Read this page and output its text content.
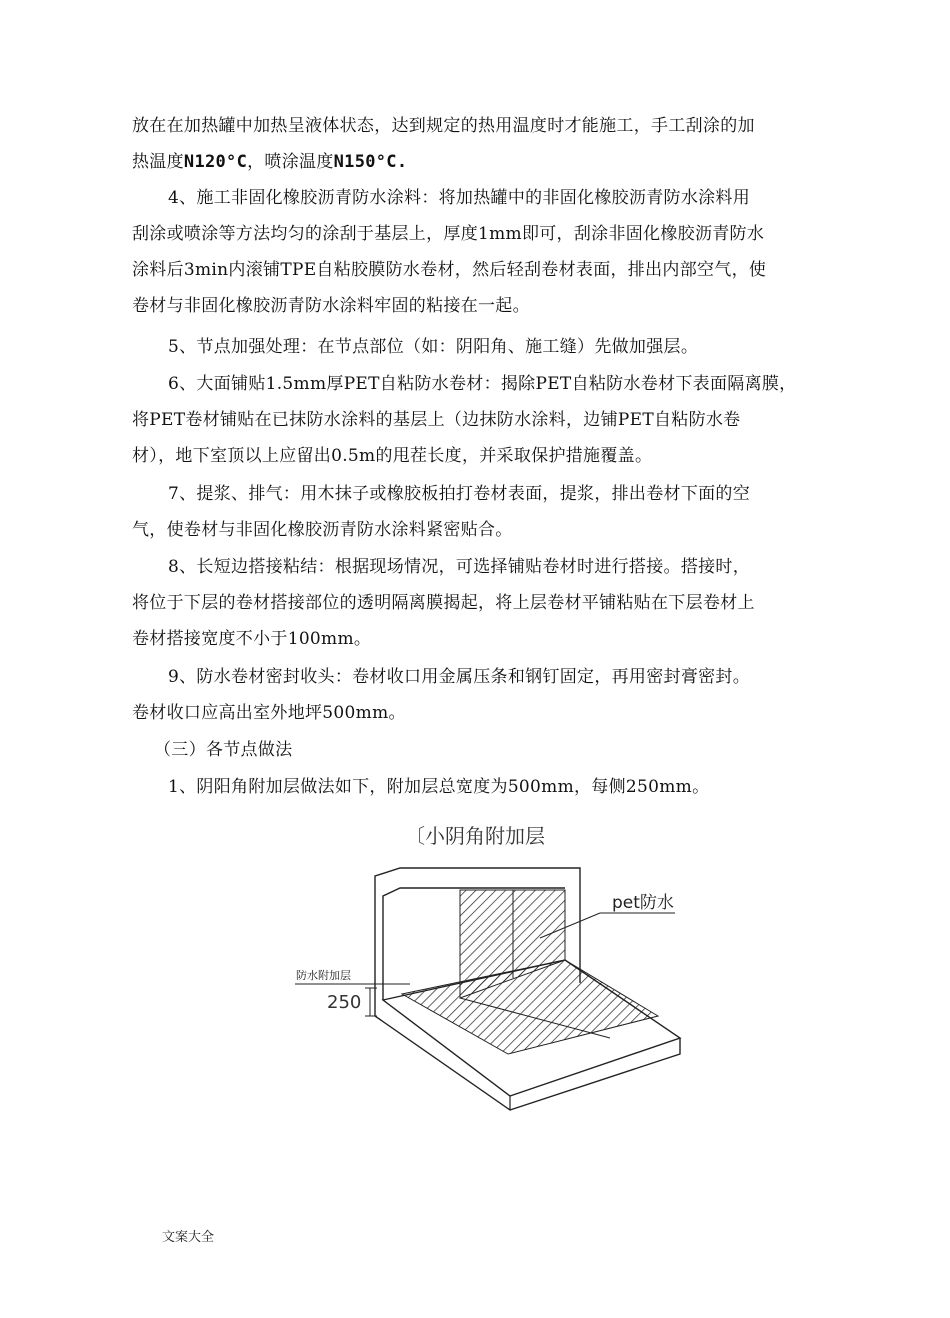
放在在加热罐中加热呈液体状态，达到规定的热用温度时才能施工，手工刮涂的加
热温度N120°C，喷涂温度N150°C.
4、施工非固化橡胶沥青防水涂料：将加热罐中的非固化橡胶沥青防水涂料用
刮涂或喷涂等方法均匀的涂刮于基层上，厚度1mm即可，刮涂非固化橡胶沥青防水
涂料后3min内滚铺TPE自粘胶膜防水卷材，然后轻刮卷材表面，排出内部空气，使
卷材与非固化橡胶沥青防水涂料牢固的粘接在一起。
5、节点加强处理：在节点部位（如：阴阳角、施工缝）先做加强层。
6、大面铺贴1.5mm厚PET自粘防水卷材：揭除PET自粘防水卷材下表面隔离膜，
将PET卷材铺贴在已抹防水涂料的基层上（边抹防水涂料，边铺PET自粘防水卷
材），地下室顶以上应留出0.5m的甩茬长度，并采取保护措施覆盖。
7、提浆、排气：用木抹子或橡胶板拍打卷材表面，提浆，排出卷材下面的空
气，使卷材与非固化橡胶沥青防水涂料紧密贴合。
8、长短边搭接粘结：根据现场情况，可选择铺贴卷材时进行搭接。搭接时，
将位于下层的卷材搭接部位的透明隔离膜揭起，将上层卷材平铺粘贴在下层卷材上
卷材搭接宽度不小于100mm。
9、防水卷材密封收头：卷材收口用金属压条和钢钉固定，再用密封膏密封。
卷材收口应高出室外地坪500mm。
（三）各节点做法
1、阴阳角附加层做法如下，附加层总宽度为500mm，每侧250mm。
〔小阴角附加层
pet防水
防水附加层
250
文案大全
